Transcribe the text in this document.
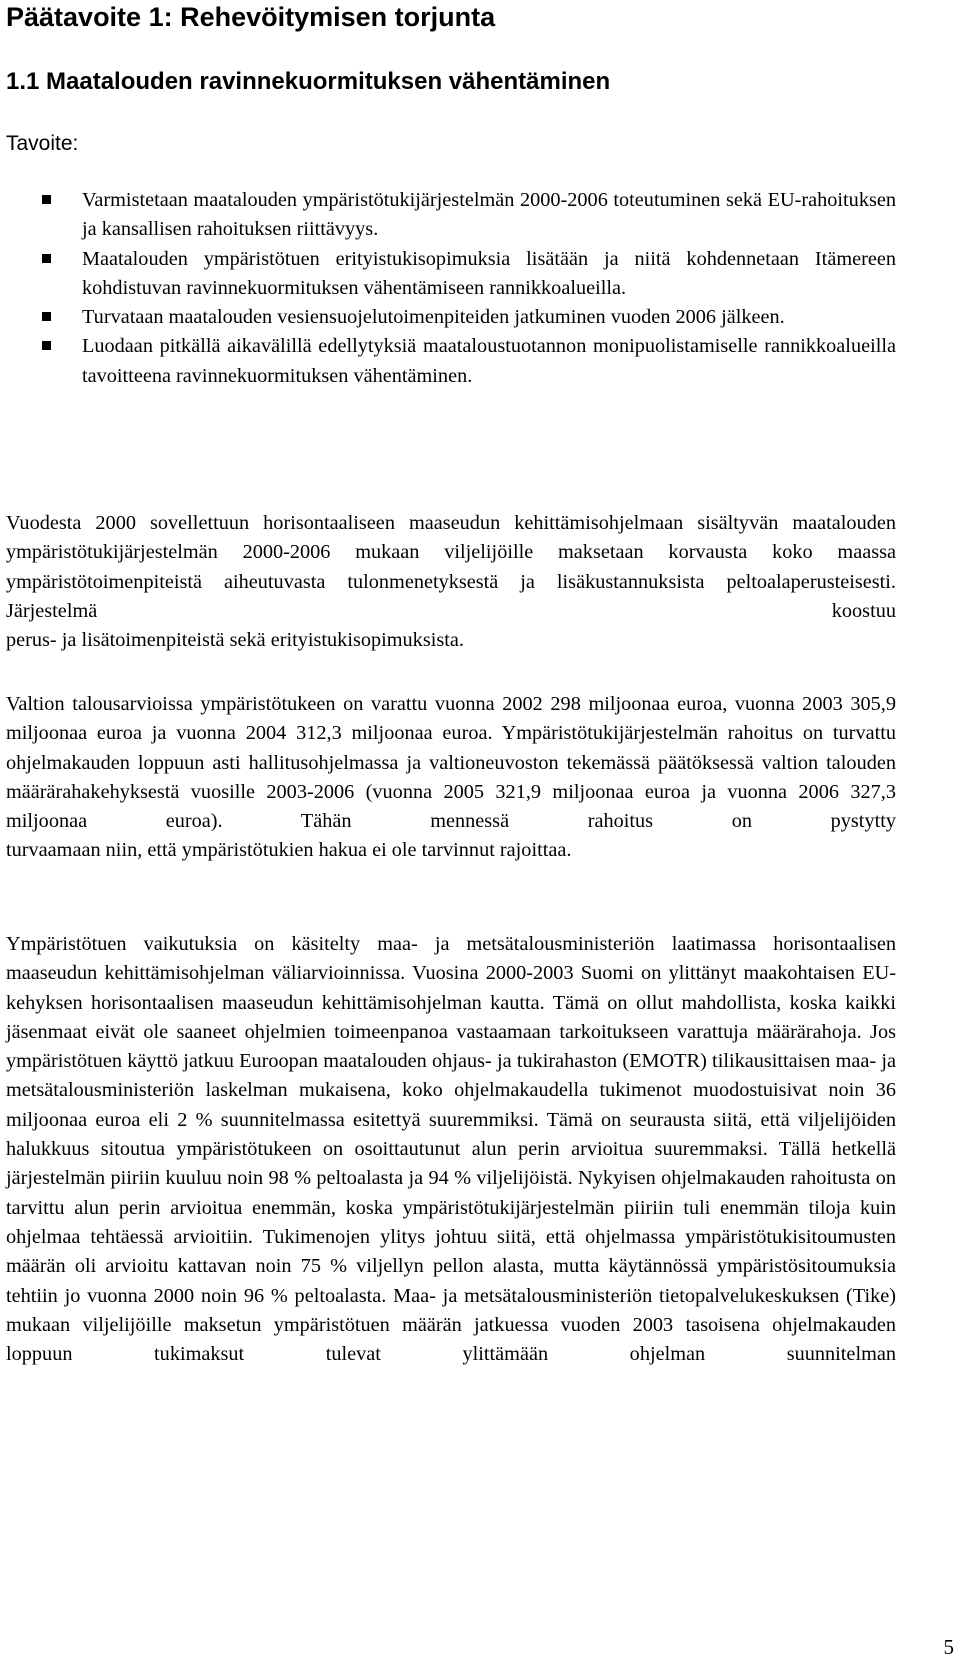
Päätavoite 1: Rehevöitymisen torjunta
1.1 Maatalouden ravinnekuormituksen vähentäminen
Tavoite:
Varmistetaan maatalouden ympäristötukijärjestelmän 2000-2006 toteutuminen sekä EU-rahoituksen ja kansallisen rahoituksen riittävyys.
Maatalouden ympäristötuen erityistukisopimuksia lisätään ja niitä kohdennetaan Itämereen kohdistuvan ravinnekuormituksen vähentämiseen rannikkoalueilla.
Turvataan maatalouden vesiensuojelutoimenpiteiden jatkuminen vuoden 2006 jälkeen.
Luodaan pitkällä aikavälillä edellytyksiä maataloustuotannon monipuolistamiselle rannikkoalueilla tavoitteena ravinnekuormituksen vähentäminen.

Vuodesta 2000 sovellettuun horisontaaliseen maaseudun kehittämisohjelmaan sisältyvän maatalouden ympäristötukijärjestelmän 2000-2006 mukaan viljelijöille maksetaan korvausta koko maassa ympäristötoimenpiteistä aiheutuvasta tulonmenetyksestä ja lisäkustannuksista peltoalaperusteisesti. Järjestelmä koostuu
perus- ja lisätoimenpiteistä sekä erityistukisopimuksista.

Valtion talousarvioissa ympäristötukeen on varattu vuonna 2002 298 miljoonaa euroa, vuonna 2003 305,9 miljoonaa euroa ja vuonna 2004 312,3 miljoonaa euroa. Ympäristötukijärjestelmän rahoitus on turvattu ohjelmakauden loppuun asti hallitusohjelmassa ja valtioneuvoston tekemässä päätöksessä valtion talouden määrärahakehyksestä vuosille 2003-2006 (vuonna 2005 321,9 miljoonaa euroa ja vuonna 2006 327,3 miljoonaa euroa). Tähän mennessä rahoitus on pystytty
turvaamaan niin, että ympäristötukien hakua ei ole tarvinnut rajoittaa.

Ympäristötuen vaikutuksia on käsitelty maa- ja metsätalousministeriön laatimassa horisontaalisen maaseudun kehittämisohjelman väliarvioinnissa. Vuosina 2000-2003 Suomi on ylittänyt maakohtaisen EU-kehyksen horisontaalisen maaseudun kehittämisohjelman kautta. Tämä on ollut mahdollista, koska kaikki jäsenmaat eivät ole saaneet ohjelmien toimeenpanoa vastaamaan tarkoitukseen varattuja määrärahoja. Jos ympäristötuen käyttö jatkuu Euroopan maatalouden ohjaus- ja tukirahaston (EMOTR) tilikausittaisen maa- ja metsätalousministeriön laskelman mukaisena, koko ohjelmakaudella tukimenot muodostuisivat noin 36 miljoonaa euroa eli 2 % suunnitelmassa esitettyä suuremmiksi. Tämä on seurausta siitä, että viljelijöiden halukkuus sitoutua ympäristötukeen on osoittautunut alun perin arvioitua suuremmaksi. Tällä hetkellä järjestelmän piiriin kuuluu noin 98 % peltoalasta ja 94 % viljelijöistä. Nykyisen ohjelmakauden rahoitusta on tarvittu alun perin arvioitua enemmän, koska ympäristötukijärjestelmän piiriin tuli enemmän tiloja kuin ohjelmaa tehtäessä arvioitiin. Tukimenojen ylitys johtuu siitä, että ohjelmassa ympäristötukisitoumusten määrän oli arvioitu kattavan noin 75 % viljellyn pellon alasta, mutta käytännössä ympäristösitoumuksia tehtiin jo vuonna 2000 noin 96 % peltoalasta. Maa- ja metsätalousministeriön tietopalvelukeskuksen (Tike) mukaan viljelijöille maksetun ympäristötuen määrän jatkuessa vuoden 2003 tasoisena ohjelmakauden loppuun tukimaksut tulevat ylittämään ohjelman suunnitelman

5
